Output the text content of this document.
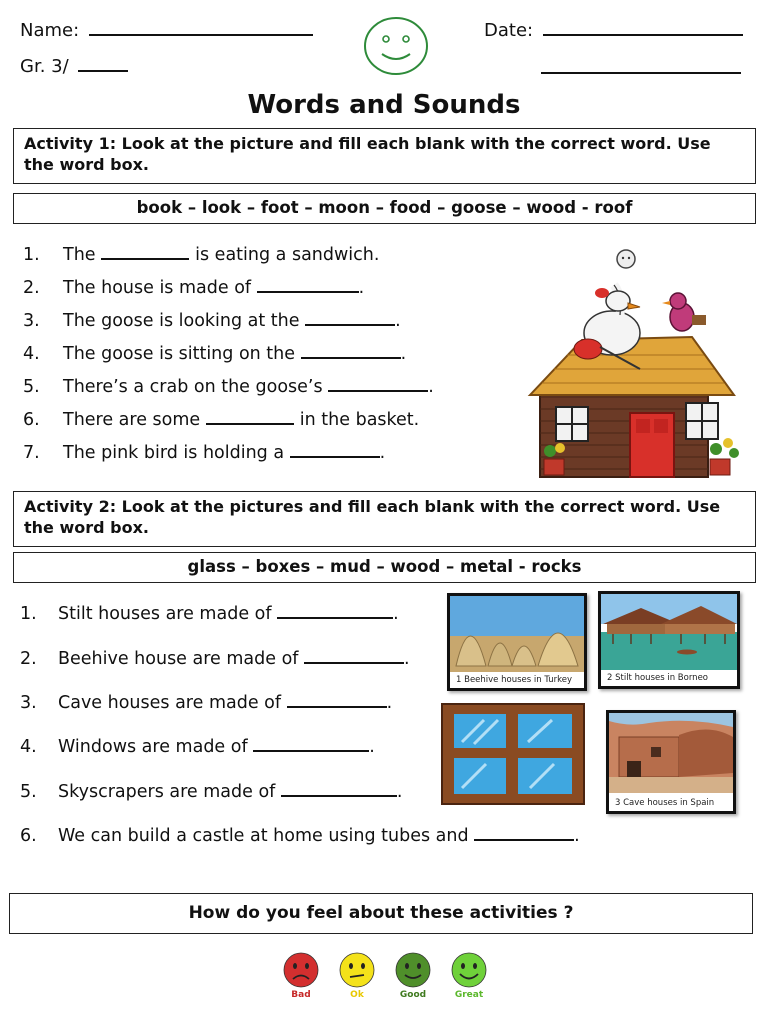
Name:
Gr. 3/
Date:
Words and Sounds
Activity 1: Look at the picture and fill each blank with the correct word. Use the word box.
book – look – foot – moon – food – goose – wood - roof
1. The	is eating a sandwich.
2. The house is made of	.
3. The goose is looking at the	.
4. The goose is sitting on the	.
5. There’s a crab on the goose’s	.
6. There are some	in the basket.
7. The pink bird is holding a	.
Activity 2: Look at the pictures and fill each blank with the correct word. Use the word box.
glass – boxes – mud – wood – metal - rocks
1. Stilt houses are made of	.
2. Beehive house are made of	.
3. Cave houses are made of	.
4. Windows are made of	.
5. Skyscrapers are made of	.
6. We can build a castle at home using tubes and	.
1 Beehive houses in Turkey	2 Stilt houses in Borneo
3 Cave houses in Spain
How do you feel about these activities ?
Bad	Ok	Good	Great
